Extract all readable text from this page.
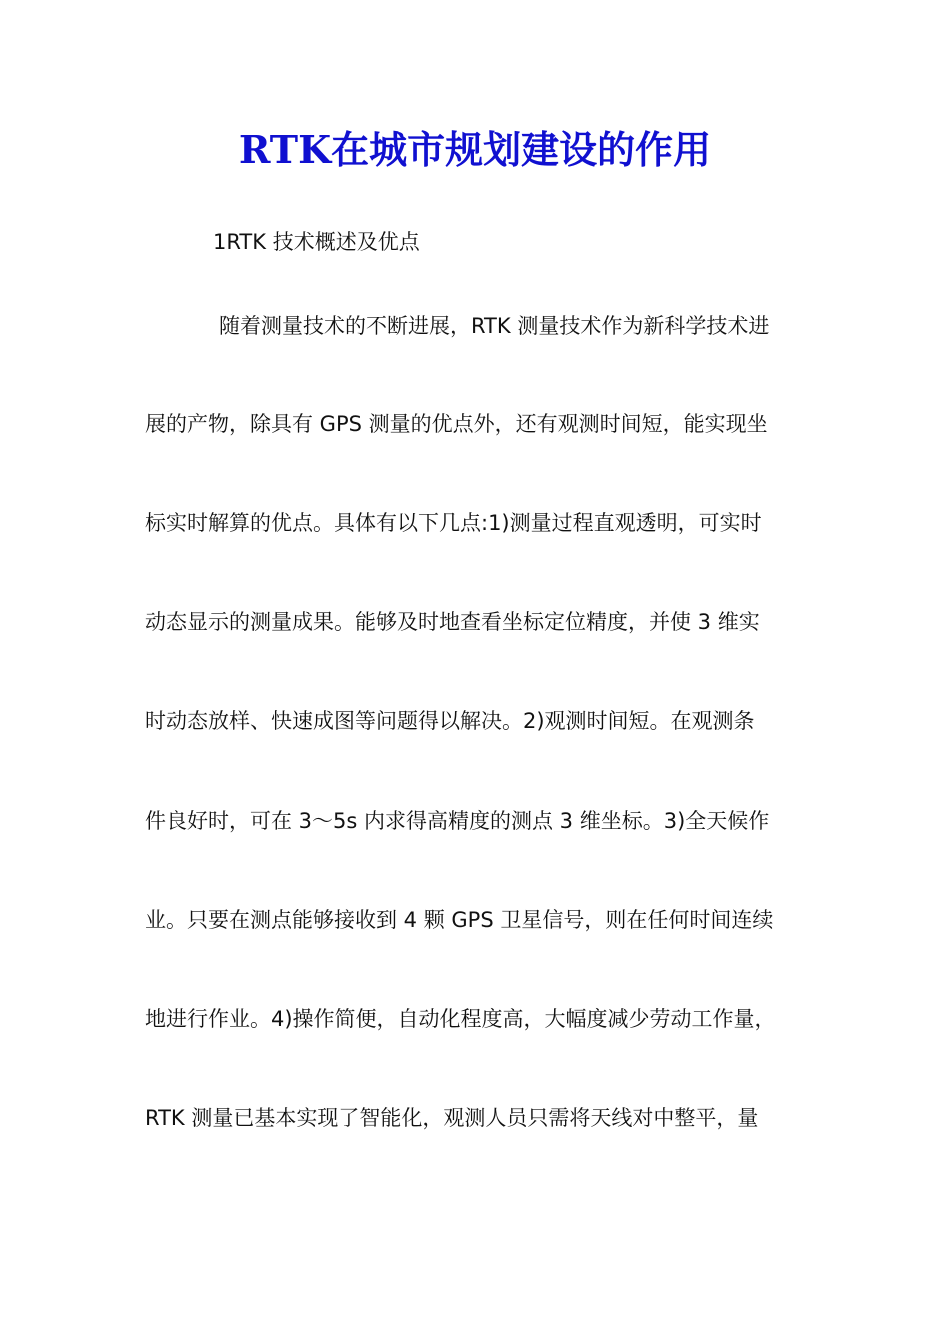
RTK在城市规划建设的作用
1RTK 技术概述及优点
随着测量技术的不断进展，RTK 测量技术作为新科学技术进
展的产物，除具有 GPS 测量的优点外，还有观测时间短，能实现坐
标实时解算的优点。具体有以下几点:1)测量过程直观透明，可实时
动态显示的测量成果。能够及时地查看坐标定位精度，并使 3 维实
时动态放样、快速成图等问题得以解决。2)观测时间短。在观测条
件良好时，可在 3～5s 内求得高精度的测点 3 维坐标。3)全天候作
业。只要在测点能够接收到 4 颗 GPS 卫星信号，则在任何时间连续
地进行作业。4)操作简便，自动化程度高，大幅度减少劳动工作量，
RTK 测量已基本实现了智能化，观测人员只需将天线对中整平，量
